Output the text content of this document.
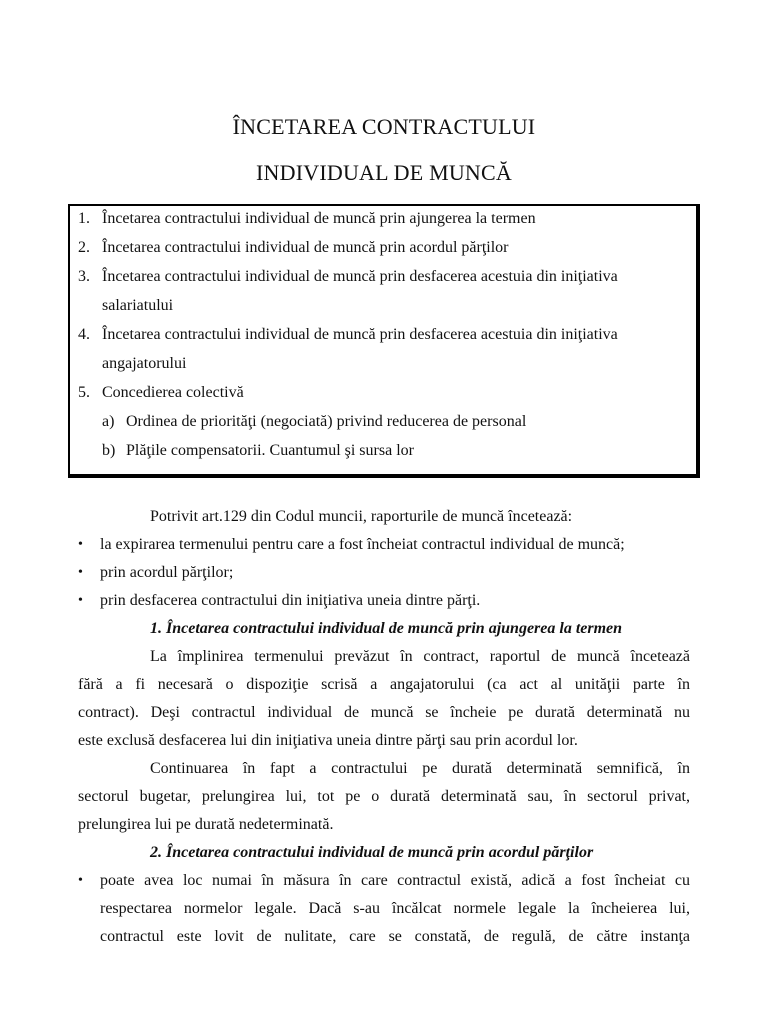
ÎNCETAREA CONTRACTULUI
INDIVIDUAL DE MUNCĂ
1. Încetarea contractului individual de muncă prin ajungerea la termen
2. Încetarea contractului individual de muncă prin acordul părţilor
3. Încetarea contractului individual de muncă prin desfacerea acestuia din iniţiativa
salariatului
4. Încetarea contractului individual de muncă prin desfacerea acestuia din iniţiativa
angajatorului
5. Concedierea colectivă
a) Ordinea de priorităţi (negociată) privind reducerea de personal
b) Plăţile compensatorii. Cuantumul şi sursa lor
Potrivit art.129 din Codul muncii, raporturile de muncă încetează:
•	la expirarea termenului pentru care a fost încheiat contractul individual de muncă;
•	prin acordul părţilor;
•	prin desfacerea contractului din iniţiativa uneia dintre părţi.
1. Încetarea contractului individual de muncă prin ajungerea la termen
La împlinirea termenului prevăzut în contract, raportul de muncă încetează
fără a fi necesară o dispoziţie scrisă a angajatorului (ca act al unităţii parte în
contract). Deşi contractul individual de muncă se încheie pe durată determinată nu
este exclusă desfacerea lui din iniţiativa uneia dintre părţi sau prin acordul lor.
Continuarea în fapt a contractului pe durată determinată semnifică, în
sectorul bugetar, prelungirea lui, tot pe o durată determinată sau, în sectorul privat,
prelungirea lui pe durată nedeterminată.
2. Încetarea contractului individual de muncă prin acordul părţilor
•	poate avea loc numai în măsura în care contractul există, adică a fost încheiat cu
respectarea normelor legale. Dacă s-au încălcat normele legale la încheierea lui,
contractul este lovit de nulitate, care se constată, de regulă, de către instanţa
